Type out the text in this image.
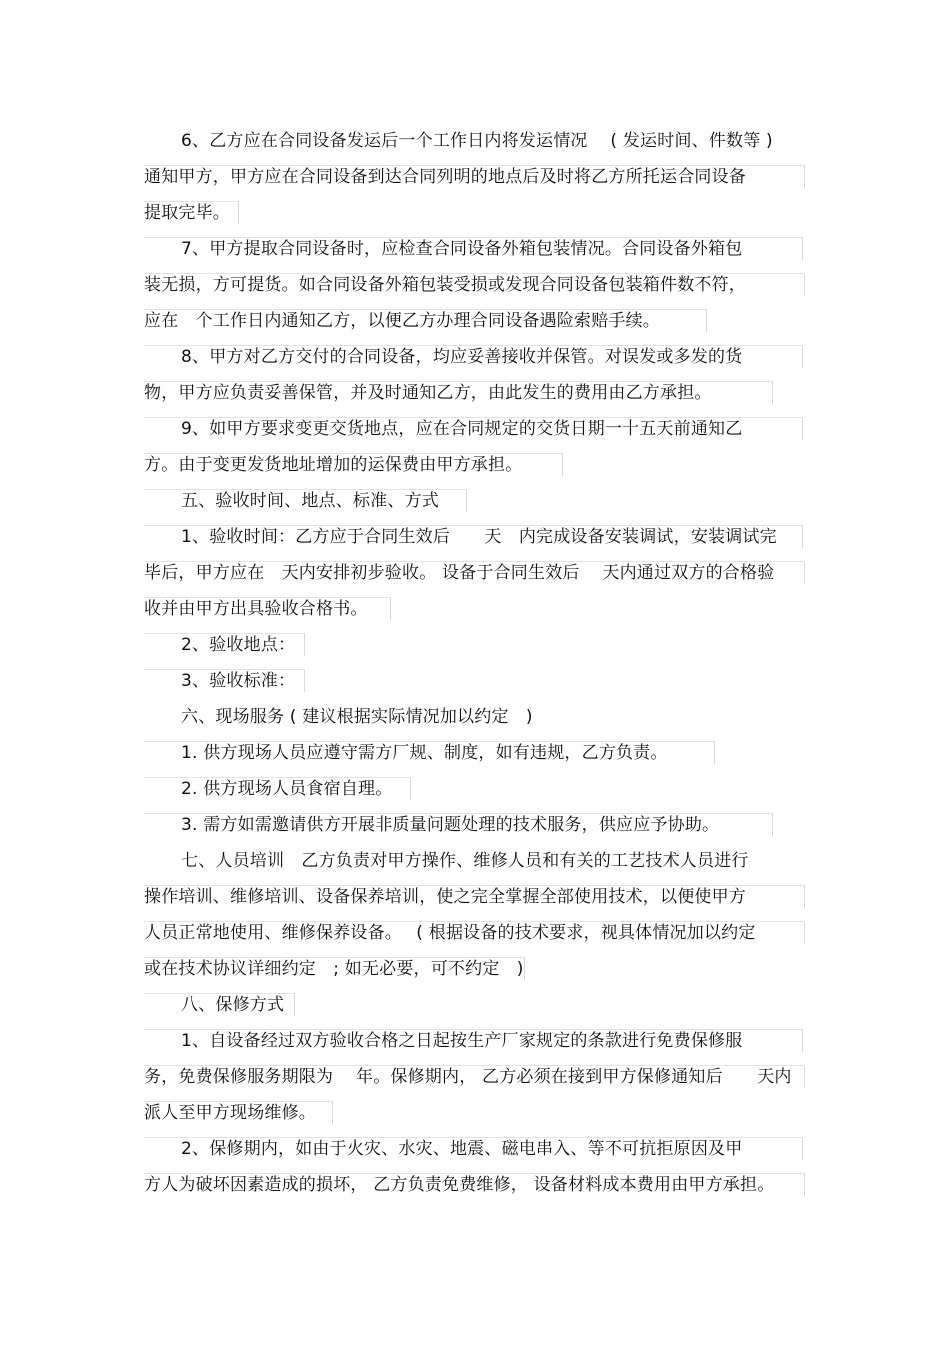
6、乙方应在合同设备发运后一个工作日内将发运情况　 ( 发运时间、件数等 )
通知甲方，甲方应在合同设备到达合同列明的地点后及时将乙方所托运合同设备
提取完毕。
7、甲方提取合同设备时，应检查合同设备外箱包装情况。合同设备外箱包
装无损，方可提货。如合同设备外箱包装受损或发现合同设备包装箱件数不符，
应在　个工作日内通知乙方，以便乙方办理合同设备遇险索赔手续。
8、甲方对乙方交付的合同设备，均应妥善接收并保管。对误发或多发的货
物，甲方应负责妥善保管，并及时通知乙方，由此发生的费用由乙方承担。
9、如甲方要求变更交货地点，应在合同规定的交货日期一十五天前通知乙
方。由于变更发货地址增加的运保费由甲方承担。
五、验收时间、地点、标准、方式
1、验收时间：乙方应于合同生效后　　天　内完成设备安装调试，安装调试完
毕后，甲方应在　天内安排初步验收。 设备于合同生效后　 天内通过双方的合格验
收并由甲方出具验收合格书。
2、验收地点：
3、验收标准：
六、现场服务 ( 建议根据实际情况加以约定　)
1. 供方现场人员应遵守需方厂规、制度，如有违规，乙方负责。
2. 供方现场人员食宿自理。
3. 需方如需邀请供方开展非质量问题处理的技术服务，供应应予协助。
七、人员培训　乙方负责对甲方操作、维修人员和有关的工艺技术人员进行
操作培训、维修培训、设备保养培训，使之完全掌握全部使用技术，以便使甲方
人员正常地使用、维修保养设备。　 ( 根据设备的技术要求，视具体情况加以约定
或在技术协议详细约定　; 如无必要，可不约定　)
八、保修方式
1、自设备经过双方验收合格之日起按生产厂家规定的条款进行免费保修服
务，免费保修服务期限为　 年。保修期内， 乙方必须在接到甲方保修通知后　　天内
派人至甲方现场维修。
2、保修期内，如由于火灾、水灾、地震、磁电串入、等不可抗拒原因及甲
方人为破坏因素造成的损坏， 乙方负责免费维修， 设备材料成本费用由甲方承担。
